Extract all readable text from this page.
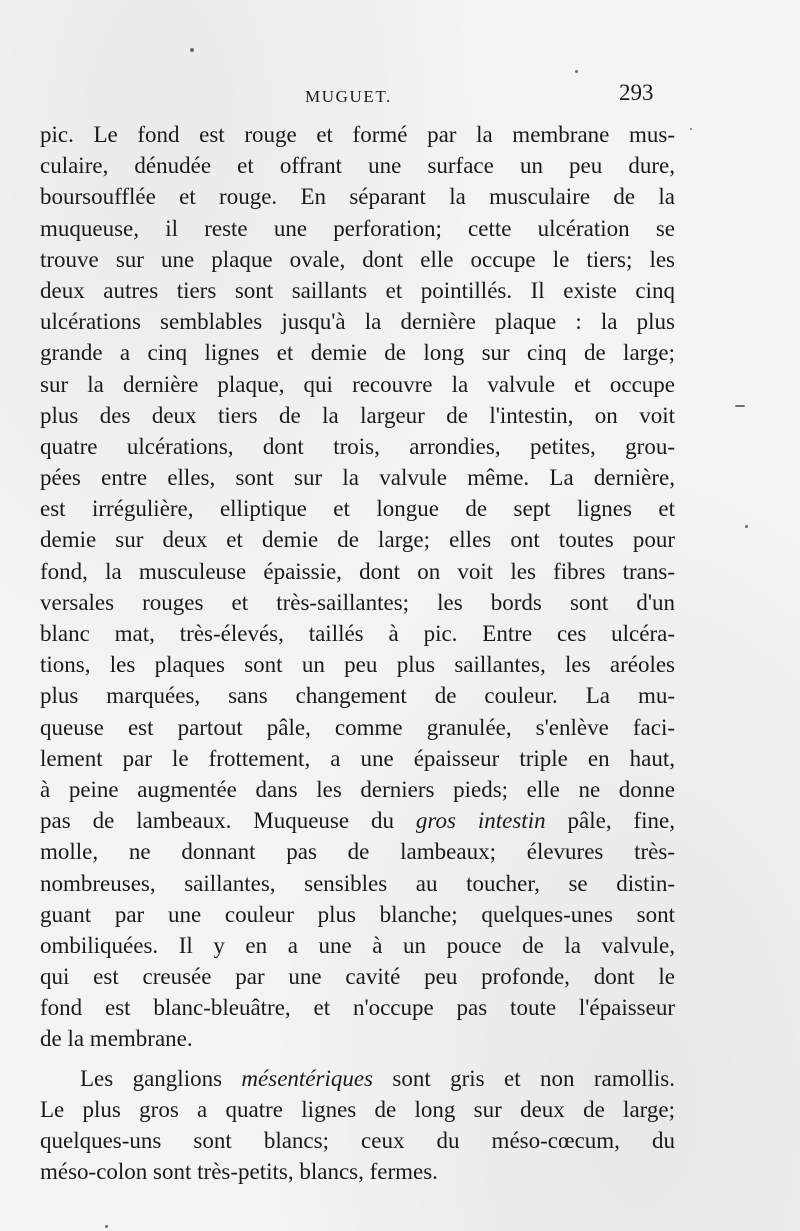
MUGUET.	293
pic. Le fond est rouge et formé par la membrane mus-
culaire, dénudée et offrant une surface un peu dure,
boursoufflée et rouge. En séparant la musculaire de la
muqueuse, il reste une perforation; cette ulcération se
trouve sur une plaque ovale, dont elle occupe le tiers; les
deux autres tiers sont saillants et pointillés. Il existe cinq
ulcérations semblables jusqu'à la dernière plaque : la plus
grande a cinq lignes et demie de long sur cinq de large;
sur la dernière plaque, qui recouvre la valvule et occupe
plus des deux tiers de la largeur de l'intestin, on voit
quatre ulcérations, dont trois, arrondies, petites, grou-
pées entre elles, sont sur la valvule même. La dernière,
est irrégulière, elliptique et longue de sept lignes et
demie sur deux et demie de large; elles ont toutes pour
fond, la musculeuse épaissie, dont on voit les fibres trans-
versales rouges et très-saillantes; les bords sont d'un
blanc mat, très-élevés, taillés à pic. Entre ces ulcéra-
tions, les plaques sont un peu plus saillantes, les aréoles
plus marquées, sans changement de couleur. La mu-
queuse est partout pâle, comme granulée, s'enlève faci-
lement par le frottement, a une épaisseur triple en haut,
à peine augmentée dans les derniers pieds; elle ne donne
pas de lambeaux. Muqueuse du gros intestin pâle, fine,
molle, ne donnant pas de lambeaux; élevures très-
nombreuses, saillantes, sensibles au toucher, se distin-
guant par une couleur plus blanche; quelques-unes sont
ombiliquées. Il y en a une à un pouce de la valvule,
qui est creusée par une cavité peu profonde, dont le
fond est blanc-bleuâtre, et n'occupe pas toute l'épaisseur
de la membrane.
Les ganglions mésentériques sont gris et non ramollis.
Le plus gros a quatre lignes de long sur deux de large;
quelques-uns sont blancs; ceux du méso-cœcum, du
méso-colon sont très-petits, blancs, fermes.
